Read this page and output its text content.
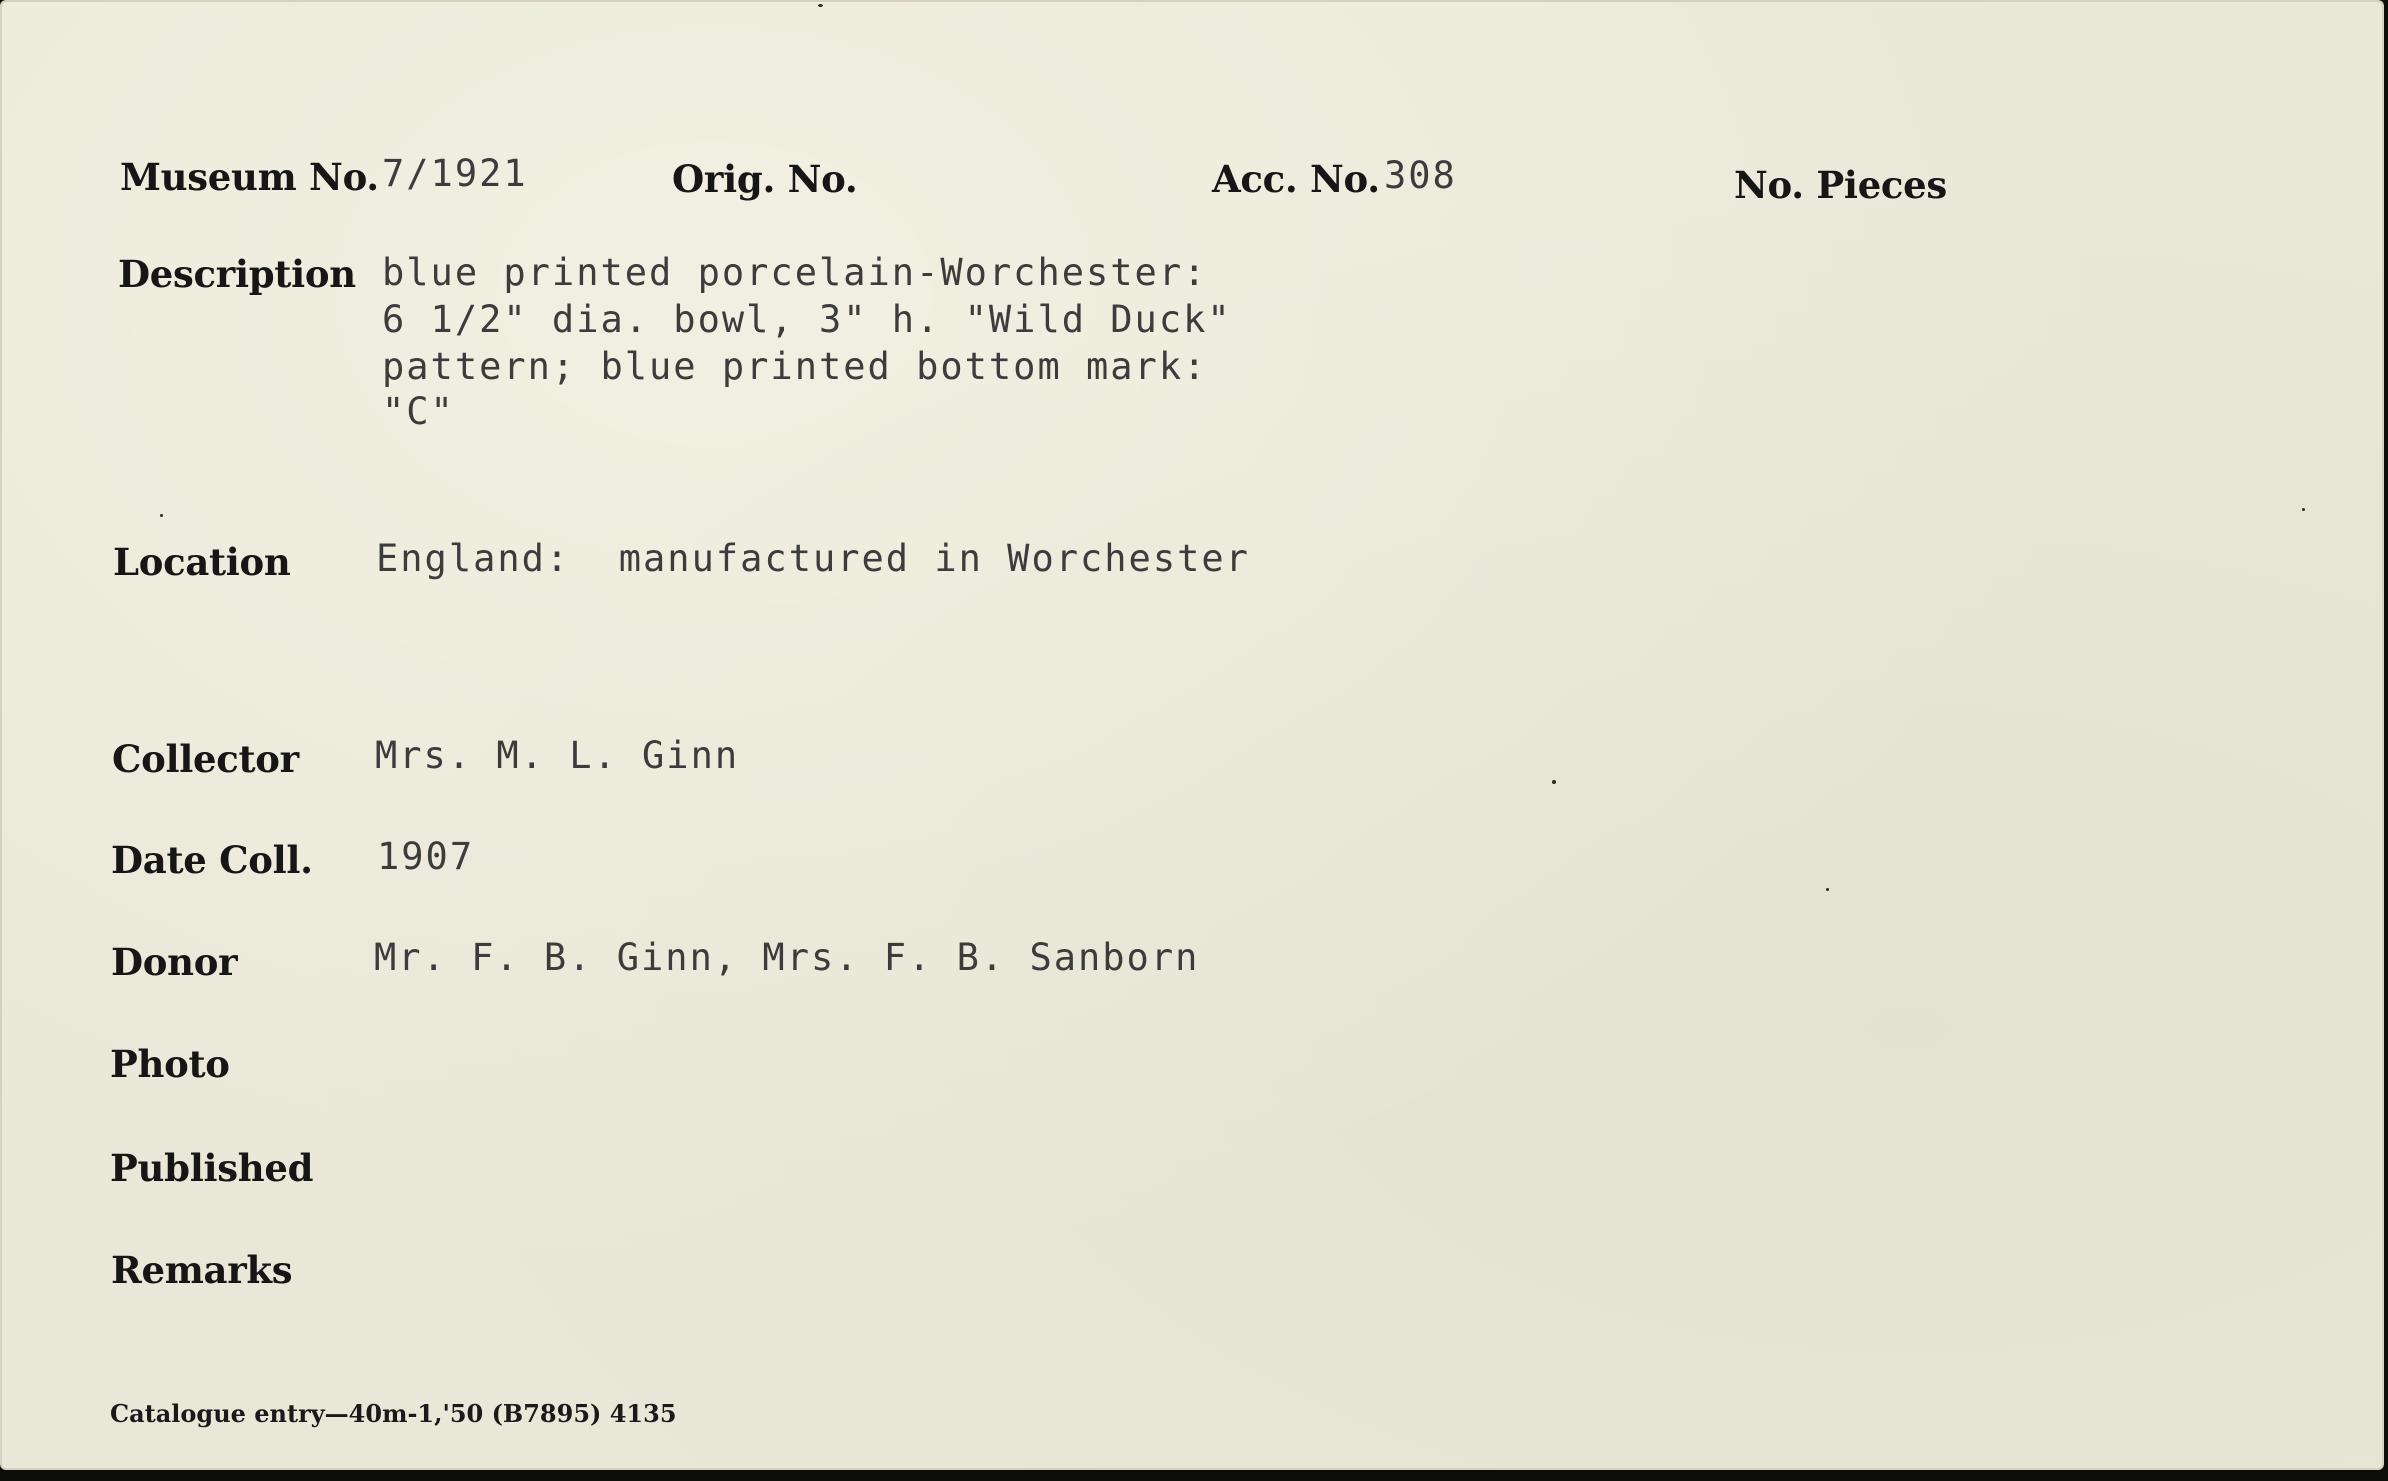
Museum No. 7/1921	Orig. No.	Acc. No. 308	No. Pieces
Description blue printed porcelain-Worchester:
6 1/2" dia. bowl, 3" h. "Wild Duck"
pattern; blue printed bottom mark:
"C"
Location England:  manufactured in Worchester
Collector Mrs. M. L. Ginn
Date Coll. 1907
Donor	Mr. F. B. Ginn, Mrs. F. B. Sanborn
Photo
Published
Remarks
Catalogue entry—40m-1,'50 (B7895) 4135
